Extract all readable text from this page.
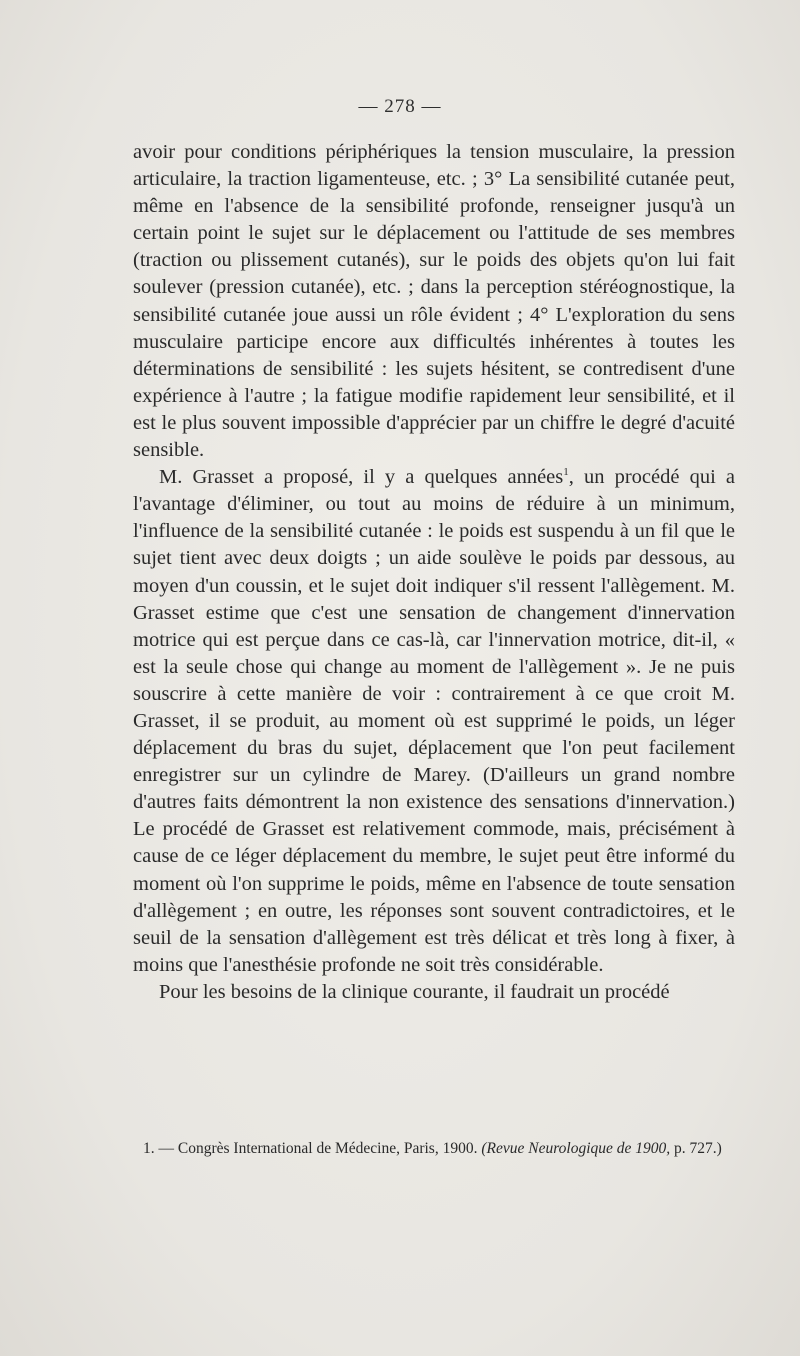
— 278 —

avoir pour conditions périphériques la tension musculaire, la pression articulaire, la traction ligamenteuse, etc. ; 3° La sensibilité cutanée peut, même en l'absence de la sensibilité profonde, renseigner jusqu'à un certain point le sujet sur le déplacement ou l'attitude de ses membres (traction ou plissement cutanés), sur le poids des objets qu'on lui fait soulever (pression cutanée), etc. ; dans la perception stéréognostique, la sensibilité cutanée joue aussi un rôle évident ; 4° L'exploration du sens musculaire participe encore aux difficultés inhérentes à toutes les déterminations de sensibilité : les sujets hésitent, se contredisent d'une expérience à l'autre ; la fatigue modifie rapidement leur sensibilité, et il est le plus souvent impossible d'apprécier par un chiffre le degré d'acuité sensible.

M. Grasset a proposé, il y a quelques années$^1$, un procédé qui a l'avantage d'éliminer, ou tout au moins de réduire à un minimum, l'influence de la sensibilité cutanée : le poids est suspendu à un fil que le sujet tient avec deux doigts ; un aide soulève le poids par dessous, au moyen d'un coussin, et le sujet doit indiquer s'il ressent l'allègement. M. Grasset estime que c'est une sensation de changement d'innervation motrice qui est perçue dans ce cas-là, car l'innervation motrice, dit-il, « est la seule chose qui change au moment de l'allègement ». Je ne puis souscrire à cette manière de voir : contrairement à ce que croit M. Grasset, il se produit, au moment où est supprimé le poids, un léger déplacement du bras du sujet, déplacement que l'on peut facilement enregistrer sur un cylindre de Marey. (D'ailleurs un grand nombre d'autres faits démontrent la non existence des sensations d'innervation.) Le procédé de Grasset est relativement commode, mais, précisément à cause de ce léger déplacement du membre, le sujet peut être informé du moment où l'on supprime le poids, même en l'absence de toute sensation d'allègement ; en outre, les réponses sont souvent contradictoires, et le seuil de la sensation d'allègement est très délicat et très long à fixer, à moins que l'anesthésie profonde ne soit très considérable.

Pour les besoins de la clinique courante, il faudrait un procédé

1. — Congrès International de Médecine, Paris, 1900. (Revue Neurologique de 1900, p. 727.)
